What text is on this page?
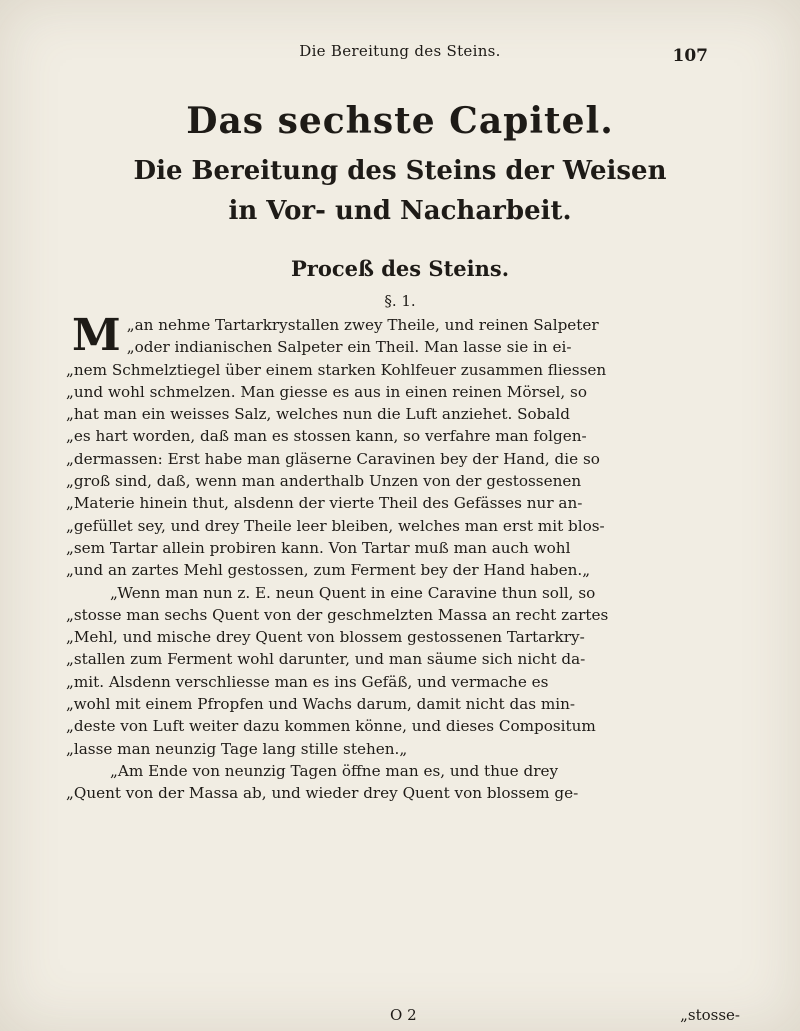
Die Bereitung des Steins.	107
Das sechste Capitel.
Die Bereitung des Steins der Weisen
in Vor- und Nacharbeit.
Proceß des Steins.
§. 1.
M „an nehme Tartarkrystallen zwey Theile, und reinen Salpeter
„oder indianischen Salpeter ein Theil. Man lasse sie in ei-
„nem Schmelztiegel über einem starken Kohlfeuer zusammen fliessen
„und wohl schmelzen. Man giesse es aus in einen reinen Mörsel, so
„hat man ein weisses Salz, welches nun die Luft anziehet. Sobald
„es hart worden, daß man es stossen kann, so verfahre man folgen-
„dermassen: Erst habe man gläserne Caravinen bey der Hand, die so
„groß sind, daß, wenn man anderthalb Unzen von der gestossenen
„Materie hinein thut, alsdenn der vierte Theil des Gefässes nur an-
„gefüllet sey, und drey Theile leer bleiben, welches man erst mit blos-
„sem Tartar allein probiren kann. Von Tartar muß man auch wohl
„und an zartes Mehl gestossen, zum Ferment bey der Hand haben.„
„Wenn man nun z. E. neun Quent in eine Caravine thun soll, so
„stosse man sechs Quent von der geschmelzten Massa an recht zartes
„Mehl, und mische drey Quent von blossem gestossenen Tartarkry-
„stallen zum Ferment wohl darunter, und man säume sich nicht da-
„mit. Alsdenn verschliesse man es ins Gefäß, und vermache es
„wohl mit einem Pfropfen und Wachs darum, damit nicht das min-
„deste von Luft weiter dazu kommen könne, und dieses Compositum
„lasse man neunzig Tage lang stille stehen.„
„Am Ende von neunzig Tagen öffne man es, und thue drey
„Quent von der Massa ab, und wieder drey Quent von blossem ge-
O 2	„stosse-
